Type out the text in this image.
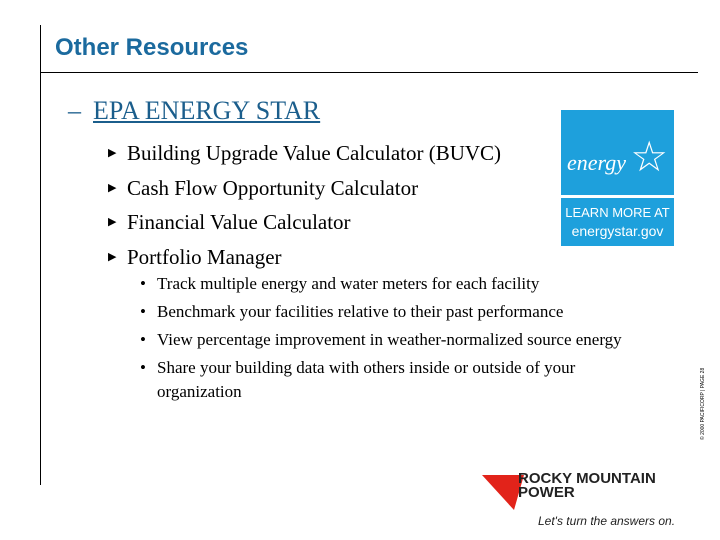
Other Resources
– EPA ENERGY STAR
▶ Building Upgrade Value Calculator (BUVC)
▶ Cash Flow Opportunity Calculator
▶ Financial Value Calculator
▶ Portfolio Manager
• Track multiple energy and water meters for each facility
• Benchmark your facilities relative to their past performance
• View percentage improvement in weather-normalized source energy
• Share your building data with others inside or outside of your organization
energy ☆
LEARN MORE AT
energystar.gov
© 2000 PACIFICORP | PAGE 28
ROCKY MOUNTAIN
POWER
Let's turn the answers on.
